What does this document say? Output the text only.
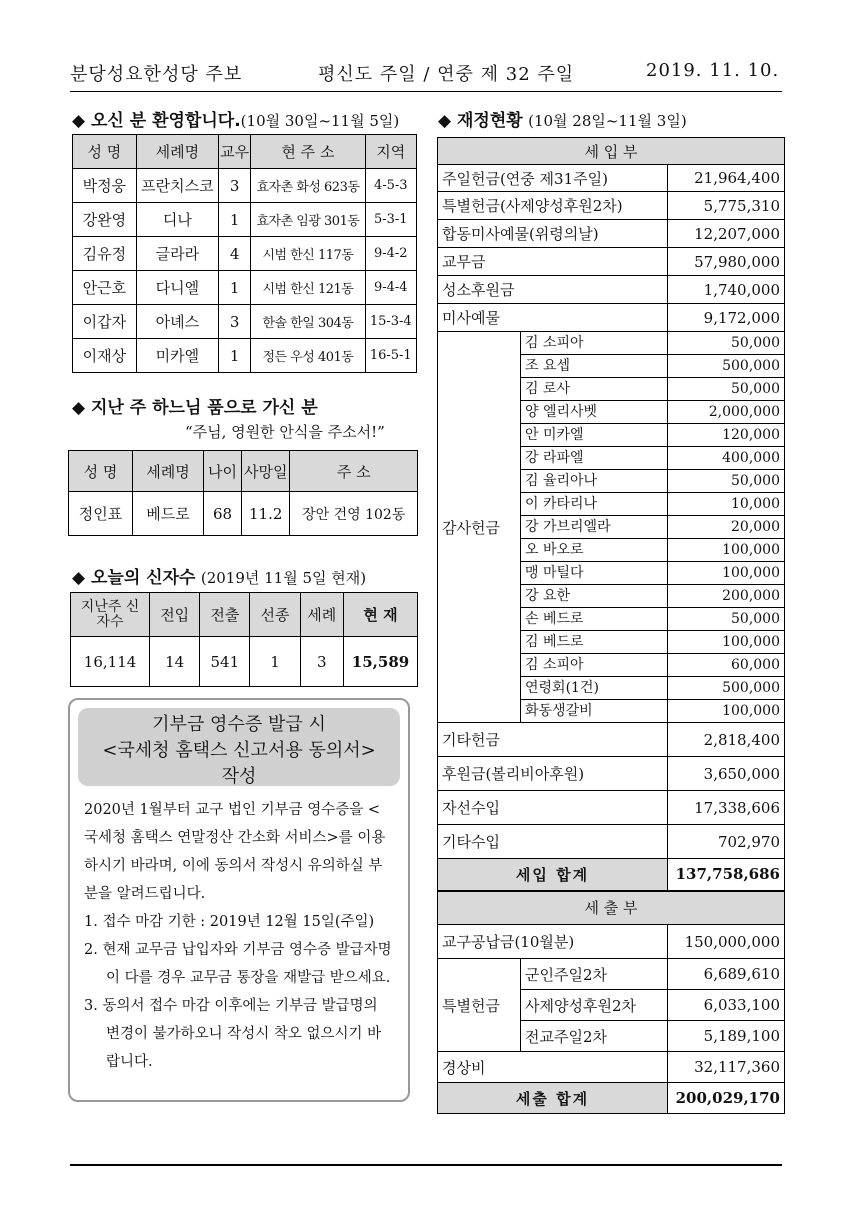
분당성요한성당 주보	평신도 주일 / 연중 제 32 주일	2019. 11. 10.
◆ 오신 분 환영합니다.(10월 30일~11월 5일)
성 명	세례명	교우	현 주 소	지역
박정웅	프란치스코	3	효자촌 화성 623동	4-5-3
강완영	디나	1	효자촌 임광 301동	5-3-1
김유정	글라라	4	시범 한신 117동	9-4-2
안근호	다니엘	1	시범 한신 121동	9-4-4
이갑자	아녜스	3	한솔 한일 304동	15-3-4
이재상	미카엘	1	정든 우성 401동	16-5-1
◆ 지난 주 하느님 품으로 가신 분
“주님, 영원한 안식을 주소서!”
성 명	세례명	나이	사망일	주 소
정인표	베드로	68	11.2	장안 건영 102동
◆ 오늘의 신자수 (2019년 11월 5일 현재)
지난주 신자수	전입	전출	선종	세례	현 재
16,114	14	541	1	3	15,589
기부금 영수증 발급 시
<국세청 홈택스 신고서용 동의서>
작성
2020년 1월부터 교구 법인 기부금 영수증을 <국세청 홈택스 연말정산 간소화 서비스>를 이용하시기 바라며, 이에 동의서 작성시 유의하실 부분을 알려드립니다.
1. 접수 마감 기한 : 2019년 12월 15일(주일)
2. 현재 교무금 납입자와 기부금 영수증 발급자명이 다를 경우 교무금 통장을 재발급 받으세요.
3. 동의서 접수 마감 이후에는 기부금 발급명의 변경이 불가하오니 작성시 착오 없으시기 바랍니다.
◆ 재정현황 (10월 28일~11월 3일)
세 입 부		
주일헌금(연중 제31주일)		21,964,400
특별헌금(사제양성후원2차)		5,775,310
합동미사예물(위령의날)		12,207,000
교무금		57,980,000
성소후원금		1,740,000
미사예물		9,172,000
감사헌금	김 소피아	50,000
	조 요셉	500,000
	김 로사	50,000
	양 엘리사벳	2,000,000
	안 미카엘	120,000
	강 라파엘	400,000
	김 율리아나	50,000
	이 카타리나	10,000
	강 가브리엘라	20,000
	오 바오로	100,000
	맹 마틸다	100,000
	강 요한	200,000
	손 베드로	50,000
	김 베드로	100,000
	김 소피아	60,000
	연령회(1건)	500,000
	화동생갈비	100,000
기타헌금		2,818,400
후원금(볼리비아후원)		3,650,000
자선수입		17,338,606
기타수입		702,970
세입 합계		137,758,686
세 출 부		
교구공납금(10월분)		150,000,000
특별헌금	군인주일2차	6,689,610
	사제양성후원2차	6,033,100
	전교주일2차	5,189,100
경상비		32,117,360
세출 합계		200,029,170
